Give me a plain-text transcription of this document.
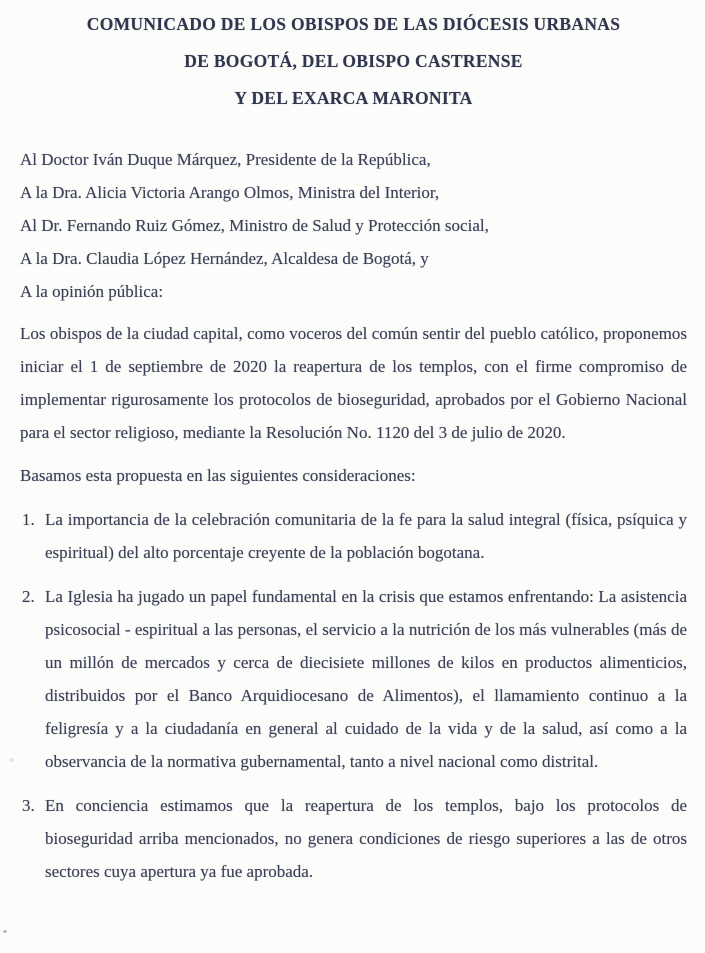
COMUNICADO DE LOS OBISPOS DE LAS DIÓCESIS URBANAS
DE BOGOTÁ, DEL OBISPO CASTRENSE
Y DEL EXARCA MARONITA
Al Doctor Iván Duque Márquez, Presidente de la República,
A la Dra. Alicia Victoria Arango Olmos, Ministra del Interior,
Al Dr. Fernando Ruiz Gómez, Ministro de Salud y Protección social,
A la Dra. Claudia López Hernández, Alcaldesa de Bogotá, y
A la opinión pública:

Los obispos de la ciudad capital, como voceros del común sentir del pueblo católico, proponemos iniciar el 1 de septiembre de 2020 la reapertura de los templos, con el firme compromiso de implementar rigurosamente los protocolos de bioseguridad, aprobados por el Gobierno Nacional para el sector religioso, mediante la Resolución No. 1120 del 3 de julio de 2020.

Basamos esta propuesta en las siguientes consideraciones:

1. La importancia de la celebración comunitaria de la fe para la salud integral (física, psíquica y espiritual) del alto porcentaje creyente de la población bogotana.
2. La Iglesia ha jugado un papel fundamental en la crisis que estamos enfrentando: La asistencia psicosocial - espiritual a las personas, el servicio a la nutrición de los más vulnerables (más de un millón de mercados y cerca de diecisiete millones de kilos en productos alimenticios, distribuidos por el Banco Arquidiocesano de Alimentos), el llamamiento continuo a la feligresía y a la ciudadanía en general al cuidado de la vida y de la salud, así como a la observancia de la normativa gubernamental, tanto a nivel nacional como distrital.
3. En conciencia estimamos que la reapertura de los templos, bajo los protocolos de bioseguridad arriba mencionados, no genera condiciones de riesgo superiores a las de otros sectores cuya apertura ya fue aprobada.
